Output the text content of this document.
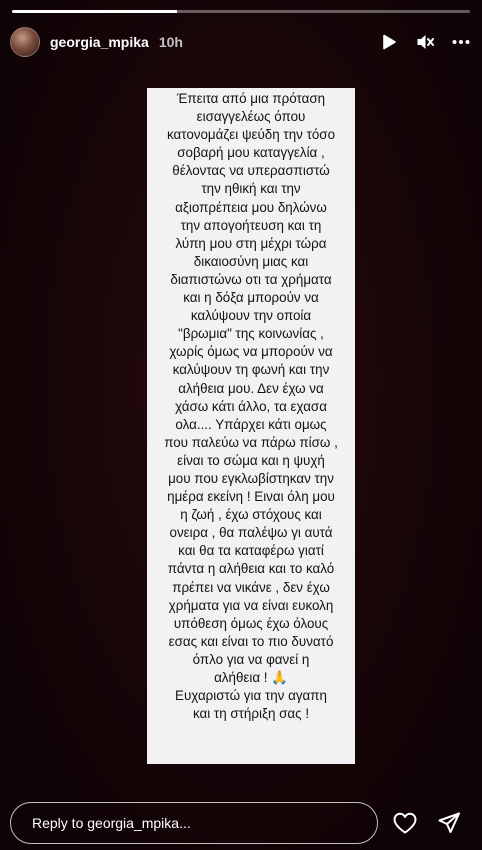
georgia_mpika 10h
Έπειτα από μια πρόταση
εισαγγελέως όπου
κατονομάζει ψεύδη την τόσο
σοβαρή μου καταγγελία ,
θέλοντας να υπερασπιστώ
την ηθική και την
αξιοπρέπεια μου δηλώνω
την απογοήτευση και τη
λύπη μου στη μέχρι τώρα
δικαιοσύνη μιας και
διαπιστώνω οτι τα χρήματα
και η δόξα μπορούν να
καλύψουν την οποία
"βρωμια" της κοινωνίας ,
χωρίς όμως να μπορούν να
καλύψουν τη φωνή και την
αλήθεια μου. Δεν έχω να
χάσω κάτι άλλο, τα εχασα
ολα.... Υπάρχει κάτι ομως
που παλεύω να πάρω πίσω ,
είναι το σώμα και η ψυχή
μου που εγκλωβίστηκαν την
ημέρα εκείνη ! Ειναι όλη μου
η ζωή , έχω στόχους και
ονειρα , θα παλέψω γι αυτά
και θα τα καταφέρω γιατί
πάντα η αλήθεια και το καλό
πρέπει να νικάνε , δεν έχω
χρήματα για να είναι ευκολη
υπόθεση όμως έχω όλους
εσας και είναι το πιο δυνατό
όπλο για να φανεί η
αλήθεια ! 🙏
Ευχαριστώ για την αγαπη
και τη στήριξη σας !
Reply to georgia_mpika...
